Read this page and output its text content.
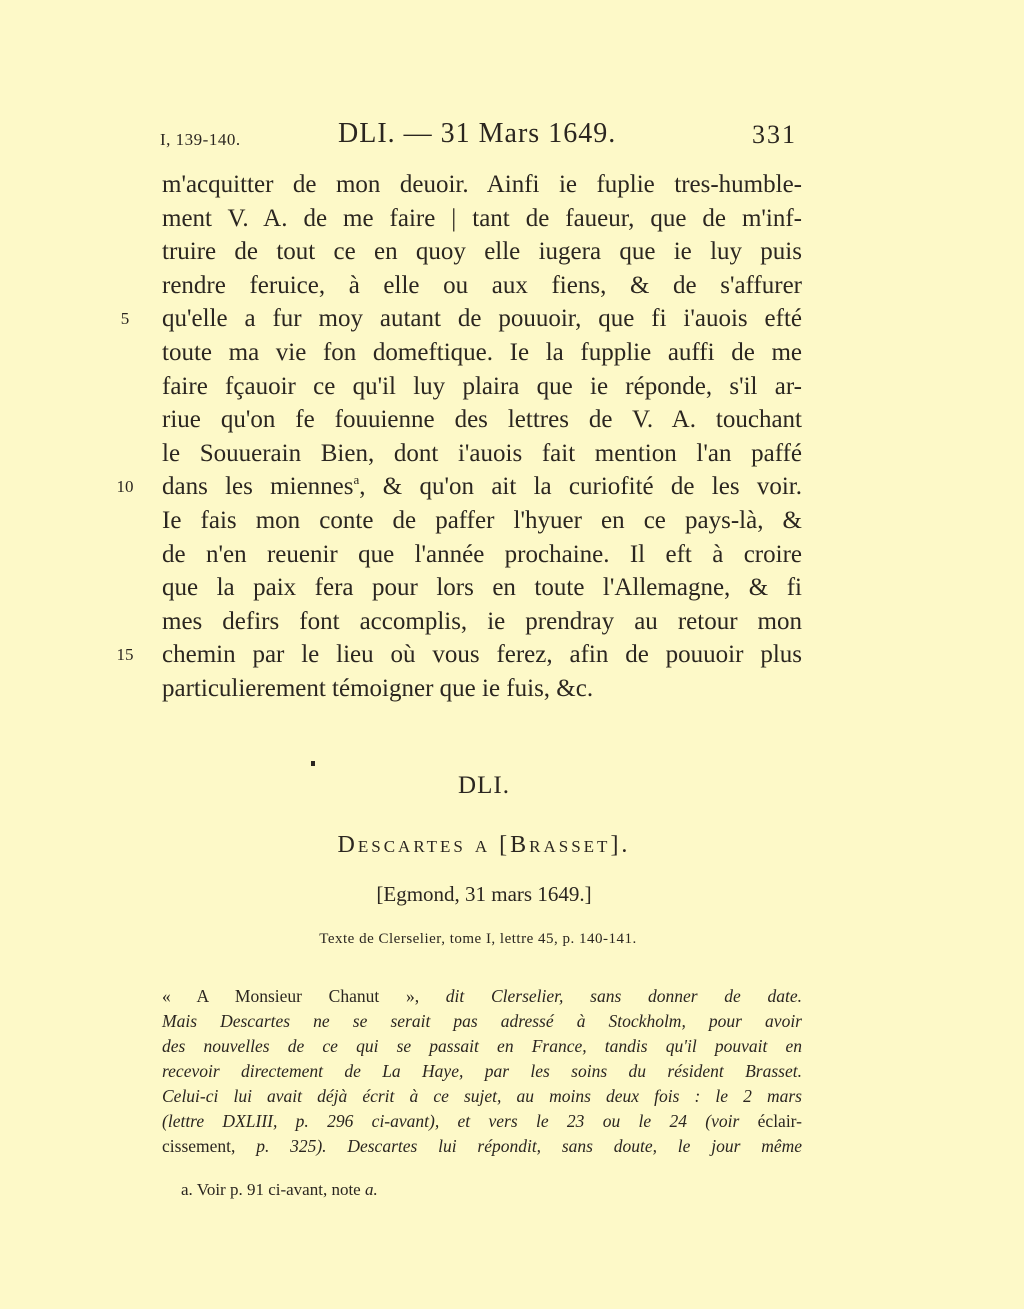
I, 139-140.	DLI. — 31 Mars 1649.	331
m'acquitter de mon deuoir. Ainfi ie fuplie tres-humble-
ment V. A. de me faire | tant de faueur, que de m'inf-
truire de tout ce en quoy elle iugera que ie luy puis
rendre feruice, à elle ou aux fiens, & de s'affurer
5 qu'elle a fur moy autant de pouuoir, que fi i'auois efté
toute ma vie fon domeftique. Ie la fupplie auffi de me
faire fçauoir ce qu'il luy plaira que ie réponde, s'il ar-
riue qu'on fe fouuienne des lettres de V. A. touchant
le Souuerain Bien, dont i'auois fait mention l'an paffé
10 dans les miennes$^a$, & qu'on ait la curiofité de les voir.
Ie fais mon conte de paffer l'hyuer en ce pays-là, &
de n'en reuenir que l'année prochaine. Il eft à croire
que la paix fera pour lors en toute l'Allemagne, & fi
mes defirs font accomplis, ie prendray au retour mon
15 chemin par le lieu où vous ferez, afin de pouuoir plus
particulierement témoigner que ie fuis, &c.
DLI.
Descartes a [Brasset].
[Egmond, 31 mars 1649.]
Texte de Clerselier, tome I, lettre 45, p. 140-141.
« A Monsieur Chanut », dit Clerselier, sans donner de date.
Mais Descartes ne se serait pas adressé à Stockholm, pour avoir
des nouvelles de ce qui se passait en France, tandis qu'il pouvait en
recevoir directement de La Haye, par les soins du résident Brasset.
Celui-ci lui avait déjà écrit à ce sujet, au moins deux fois : le 2 mars
(lettre DXLIII, p. 296 ci-avant), et vers le 23 ou le 24 (voir éclair-
cissement, p. 325). Descartes lui répondit, sans doute, le jour même
a. Voir p. 91 ci-avant, note a.
